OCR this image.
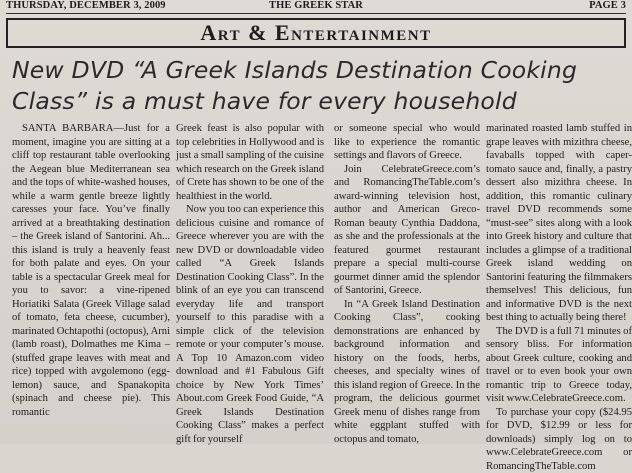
THURSDAY, DECEMBER 3, 2009	THE GREEK STAR	PAGE 3
Art & Entertainment
New DVD “A Greek Islands Destination Cooking Class” is a must have for every household

SANTA BARBARA—Just for a moment, imagine you are sitting at a cliff top restaurant table overlooking the Aegean blue Mediterranean sea and the tops of white-washed houses, while a warm gentle breeze lightly caresses your face. You’ve finally arrived at a breathtaking destination – the Greek island of Santorini. Ah... this island is truly a heavenly feast for both palate and eyes. On your table is a spectacular Greek meal for you to savor: a vine-ripened Horiatiki Salata (Greek Village salad of tomato, feta cheese, cucumber), marinated Ochtapothi (octopus), Arni (lamb roast), Dolmathes me Kima – (stuffed grape leaves with meat and rice) topped with avgolemono (egg-lemon) sauce, and Spanakopita (spinach and cheese pie). This romantic

Greek feast is also popular with top celebrities in Hollywood and is just a small sampling of the cuisine which research on the Greek island of Crete has shown to be one of the healthiest in the world.

Now you too can experience this delicious cuisine and romance of Greece wherever you are with the new DVD or downloadable video called “A Greek Islands Destination Cooking Class”. In the blink of an eye you can transcend everyday life and transport yourself to this paradise with a simple click of the television remote or your computer’s mouse. A Top 10 Amazon.com video download and #1 Fabulous Gift choice by New York Times’ About.com Greek Food Guide, “A Greek Islands Destination Cooking Class” makes a perfect gift for yourself

or someone special who would like to experience the romantic settings and flavors of Greece.

Join CelebrateGreece.com’s and RomancingTheTable.com’s award-winning television host, author and American Greco-Roman beauty Cynthia Daddona, as she and the professionals at the featured gourmet restaurant prepare a special multi-course gourmet dinner amid the splendor of Santorini, Greece.

In “A Greek Island Destination Cooking Class”, cooking demonstrations are enhanced by background information and history on the foods, herbs, cheeses, and specialty wines of this island region of Greece. In the program, the delicious gourmet Greek menu of dishes range from white eggplant stuffed with octopus and tomato,

marinated roasted lamb stuffed in grape leaves with mizithra cheese, favaballs topped with caper-tomato sauce and, finally, a pastry dessert also mizithra cheese. In addition, this romantic culinary travel DVD recommends some “must-see” sites along with a look into Greek history and culture that includes a glimpse of a traditional Greek island wedding on Santorini featuring the filmmakers themselves! This delicious, fun and informative DVD is the next best thing to actually being there!

The DVD is a full 71 minutes of sensory bliss. For information about Greek culture, cooking and travel or to even book your own romantic trip to Greece today, visit www.CelebrateGreece.com.

To purchase your copy ($24.95 for DVD, $12.99 or less for downloads) simply log on to www.CelebrateGreece.com or RomancingTheTable.com
